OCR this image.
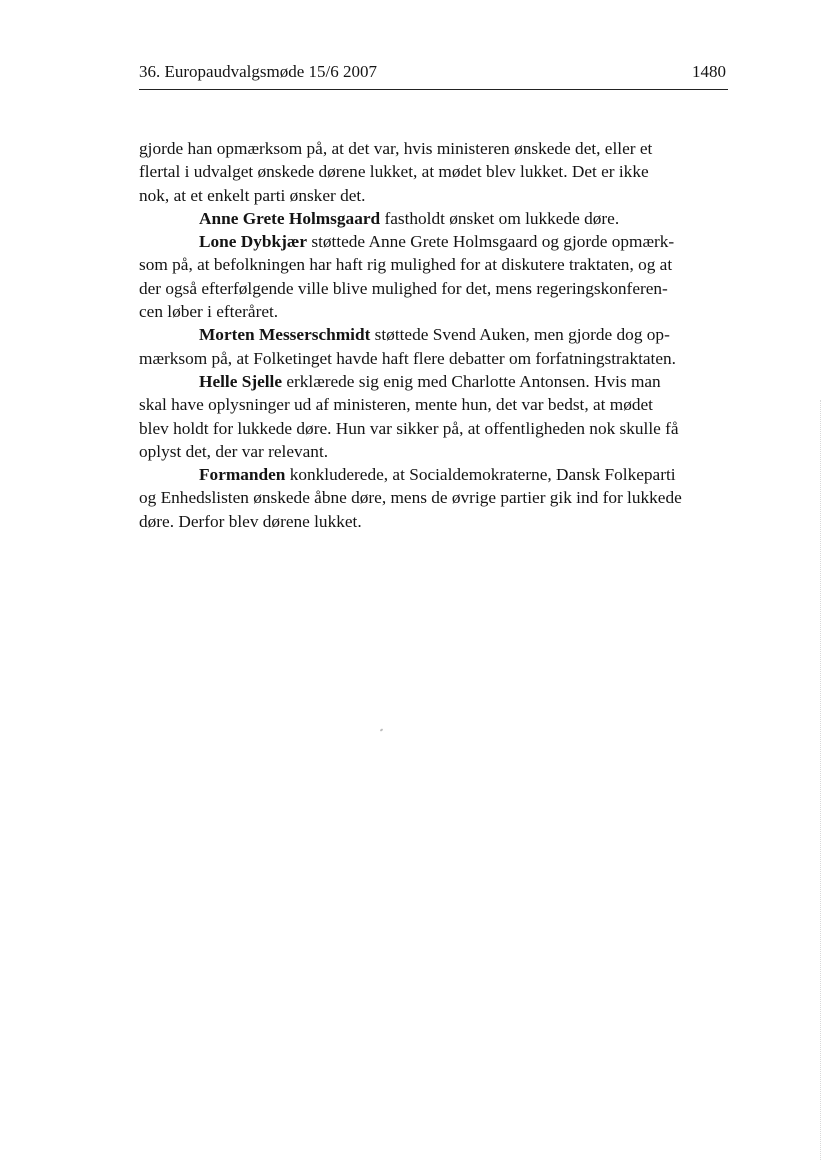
36. Europaudvalgsmøde 15/6 2007	1480
gjorde han opmærksom på, at det var, hvis ministeren ønskede det, eller et
flertal i udvalget ønskede dørene lukket, at mødet blev lukket. Det er ikke
nok, at et enkelt parti ønsker det.
Anne Grete Holmsgaard fastholdt ønsket om lukkede døre.
Lone Dybkjær støttede Anne Grete Holmsgaard og gjorde opmærk-
som på, at befolkningen har haft rig mulighed for at diskutere traktaten, og at
der også efterfølgende ville blive mulighed for det, mens regeringskonferen-
cen løber i efteråret.
Morten Messerschmidt støttede Svend Auken, men gjorde dog op-
mærksom på, at Folketinget havde haft flere debatter om forfatningstraktaten.
Helle Sjelle erklærede sig enig med Charlotte Antonsen. Hvis man
skal have oplysninger ud af ministeren, mente hun, det var bedst, at mødet
blev holdt for lukkede døre. Hun var sikker på, at offentligheden nok skulle få
oplyst det, der var relevant.
Formanden konkluderede, at Socialdemokraterne, Dansk Folkeparti
og Enhedslisten ønskede åbne døre, mens de øvrige partier gik ind for lukkede
døre. Derfor blev dørene lukket.
